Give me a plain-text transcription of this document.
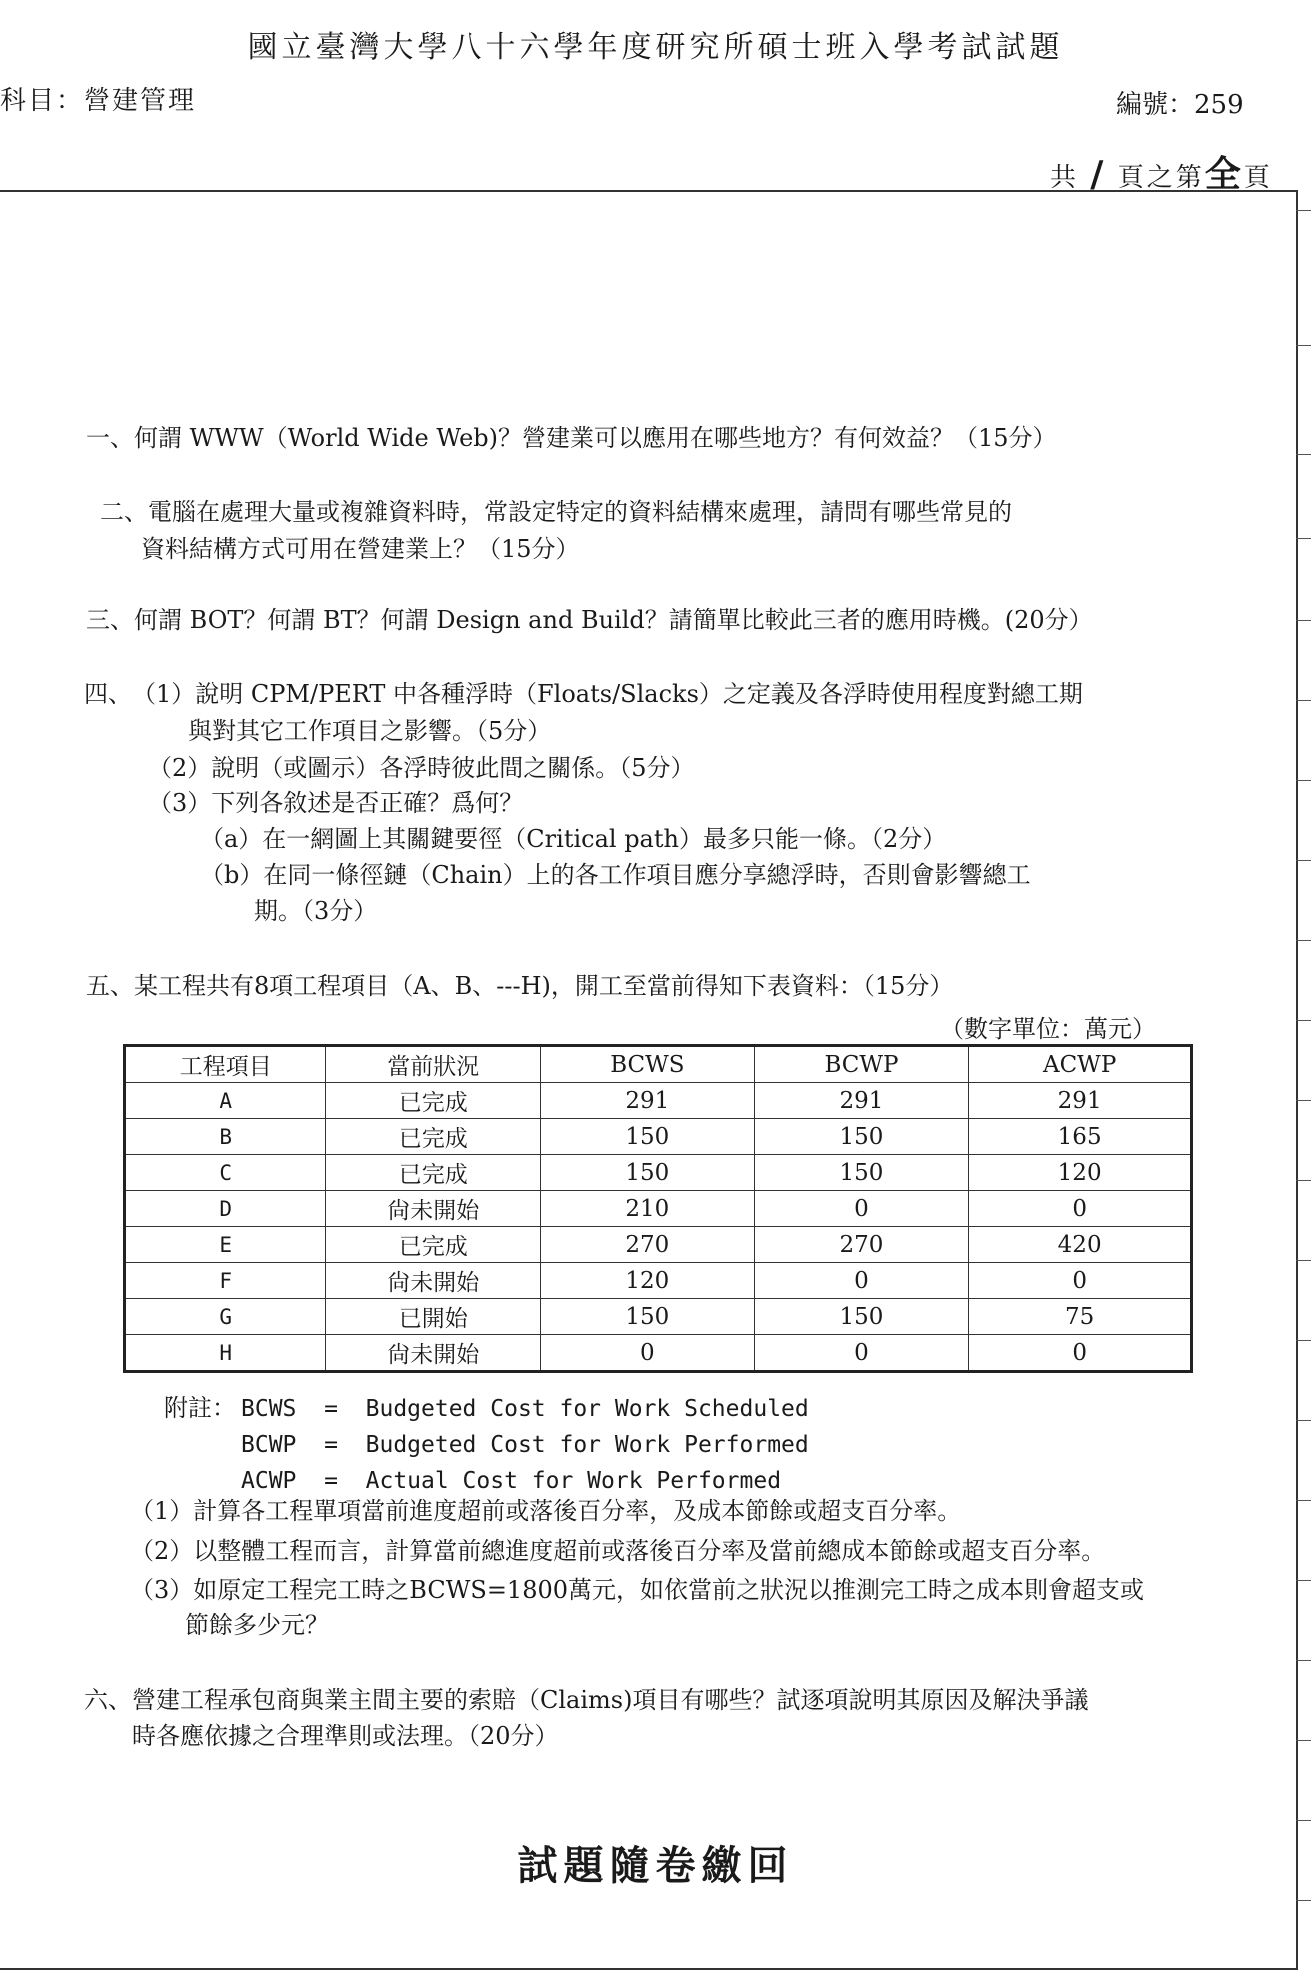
國立臺灣大學八十六學年度研究所碩士班入學考試試題
科目：營建管理	編號：259
共 / 頁之第全頁
一、何謂 WWW（World Wide Web)？營建業可以應用在哪些地方？有何效益？（15分）
二、電腦在處理大量或複雜資料時，常設定特定的資料結構來處理，請問有哪些常見的
資料結構方式可用在營建業上？（15分）
三、何謂 BOT？何謂 BT？何謂 Design and Build？請簡單比較此三者的應用時機。(20分）
四、（1）說明 CPM/PERT 中各種浮時（Floats/Slacks）之定義及各浮時使用程度對總工期
與對其它工作項目之影響。（5分）
（2）說明（或圖示）各浮時彼此間之關係。（5分）
（3）下列各敘述是否正確？爲何？
（a）在一網圖上其關鍵要徑（Critical path）最多只能一條。（2分）
（b）在同一條徑鏈（Chain）上的各工作項目應分享總浮時，否則會影響總工
期。（3分）
五、某工程共有8項工程項目（A、B、---H)，開工至當前得知下表資料：（15分）
（數字單位：萬元）
工程項目	當前狀況	BCWS	BCWP	ACWP
A	已完成	291	291	291
B	已完成	150	150	165
C	已完成	150	150	120
D	尙未開始	210	0	0
E	已完成	270	270	420
F	尙未開始	120	0	0
G	已開始	150	150	75
H	尙未開始	0	0	0
附註： BCWS  =  Budgeted Cost for Work Scheduled
BCWP  =  Budgeted Cost for Work Performed
ACWP  =  Actual Cost for Work Performed
（1）計算各工程單項當前進度超前或落後百分率，及成本節餘或超支百分率。
（2）以整體工程而言，計算當前總進度超前或落後百分率及當前總成本節餘或超支百分率。
（3）如原定工程完工時之BCWS=1800萬元，如依當前之狀況以推測完工時之成本則會超支或
節餘多少元？
六、營建工程承包商與業主間主要的索賠（Claims)項目有哪些？試逐項說明其原因及解決爭議
時各應依據之合理準則或法理。（20分）
試題隨卷繳回
